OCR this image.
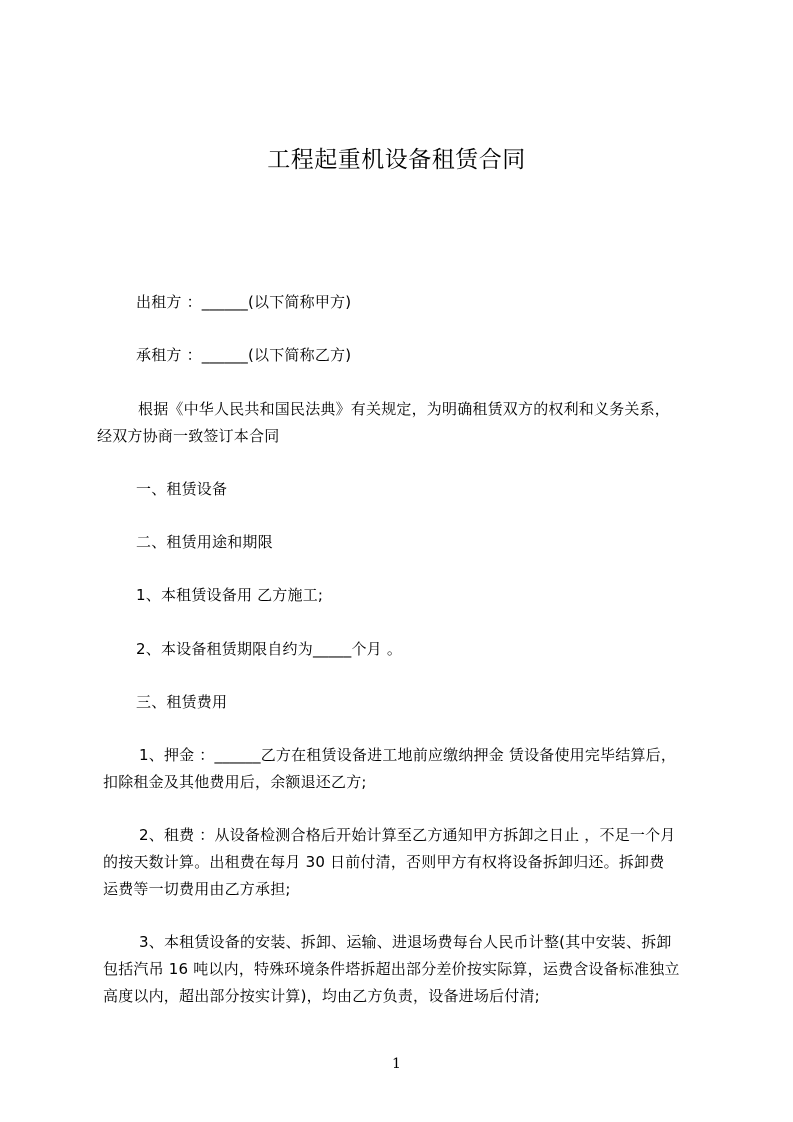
工程起重机设备租赁合同
出租方 ：______(以下简称甲方)
承租方 ：______(以下简称乙方)
根据《中华人民共和国民法典》有关规定，为明确租赁双方的权利和义务关系，
经双方协商一致签订本合同
一、租赁设备
二、租赁用途和期限
1、本租赁设备用 乙方施工;
2、本设备租赁期限自约为_____个月 。
三、租赁费用
1、押金 ：______乙方在租赁设备进工地前应缴纳押金 赁设备使用完毕结算后，
扣除租金及其他费用后，余额退还乙方;
2、租费 ：从设备检测合格后开始计算至乙方通知甲方拆卸之日止 ，不足一个月
的按天数计算。出租费在每月 30 日前付清，否则甲方有权将设备拆卸归还。拆卸费
运费等一切费用由乙方承担;
3、本租赁设备的安装、拆卸、运输、进退场费每台人民币计整(其中安装、拆卸
包括汽吊 16 吨以内，特殊环境条件塔拆超出部分差价按实际算，运费含设备标准独立
高度以内，超出部分按实计算)，均由乙方负责，设备进场后付清;
1
